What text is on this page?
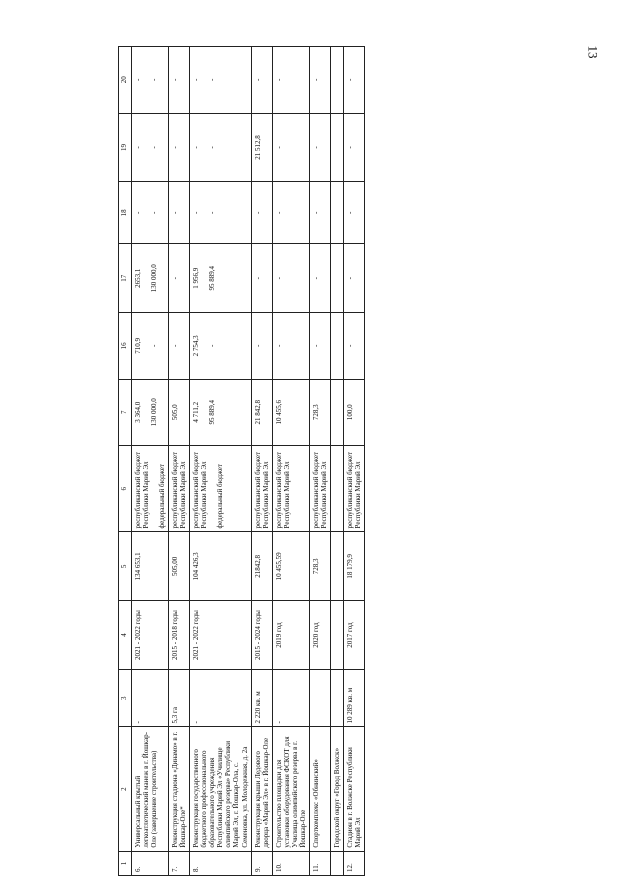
13
1	2	3	4	5	6	7	16	17	18	19	20
6.	Универсальный крытый легкоатлетический манеж в г. Йошкар-Оле (завершение строительства)	-	2021 - 2022 годы	134 653,1	республиканский бюджет Республики Марий Эл федеральный бюджет	3 364,0 130 000,0	710,9 -	2653,1 130 000,0	- -	- -	- -

7.	Реконструкция стадиона «Динамо» в г. Йошкар-Оле*	5,3 га	2015 - 2018 годы	505,00	республиканский бюджет Республики Марий Эл	505,0	-	-	-	-	-

8.	Реконструкция государственного бюджетного профессионального образовательного учреждения Республики Марий Эл «Училище олимпийского резерва» Республики Марий Эл, г. Йошкар-Ола, с. Семеновка, ул. Молодежная, д. 2а	-	2021 - 2022 годы	104 426,3	республиканский бюджет Республики Марий Эл федеральный бюджет	4 711,2 95 889,4	2 754,3 -	1 956,9 95 889,4	- -	- -	- -

9.	Реконструкция крыши Ледового дворца «Марий Эл» в г. Йошкар-Оле	2 220 кв. м	2015 - 2024 годы	21842,8	республиканский бюджет Республики Марий Эл	21 842,8	-	-	-	21 512,8	-

10.	Строительство площадки для установки оборудования ФСКОТ для Училища олимпийского резерва в г. Йошкар-Оле	-	2019 год	10 455,59	республиканский бюджет Республики Марий Эл	10 455,6	-	-	-	-	-

11.	Спорткомплекс «Обнинский»		2020 год	728,3	республиканский бюджет Республики Марий Эл	728,3	-	-	-	-	-

	Городской округ «Город Волжск»										
12.	Стадион в г. Волжске Республики Марий Эл	10 289 кв. м	2017 год	18 179,9	республиканский бюджет Республики Марий Эл	100,0	-	-	-	-	-
